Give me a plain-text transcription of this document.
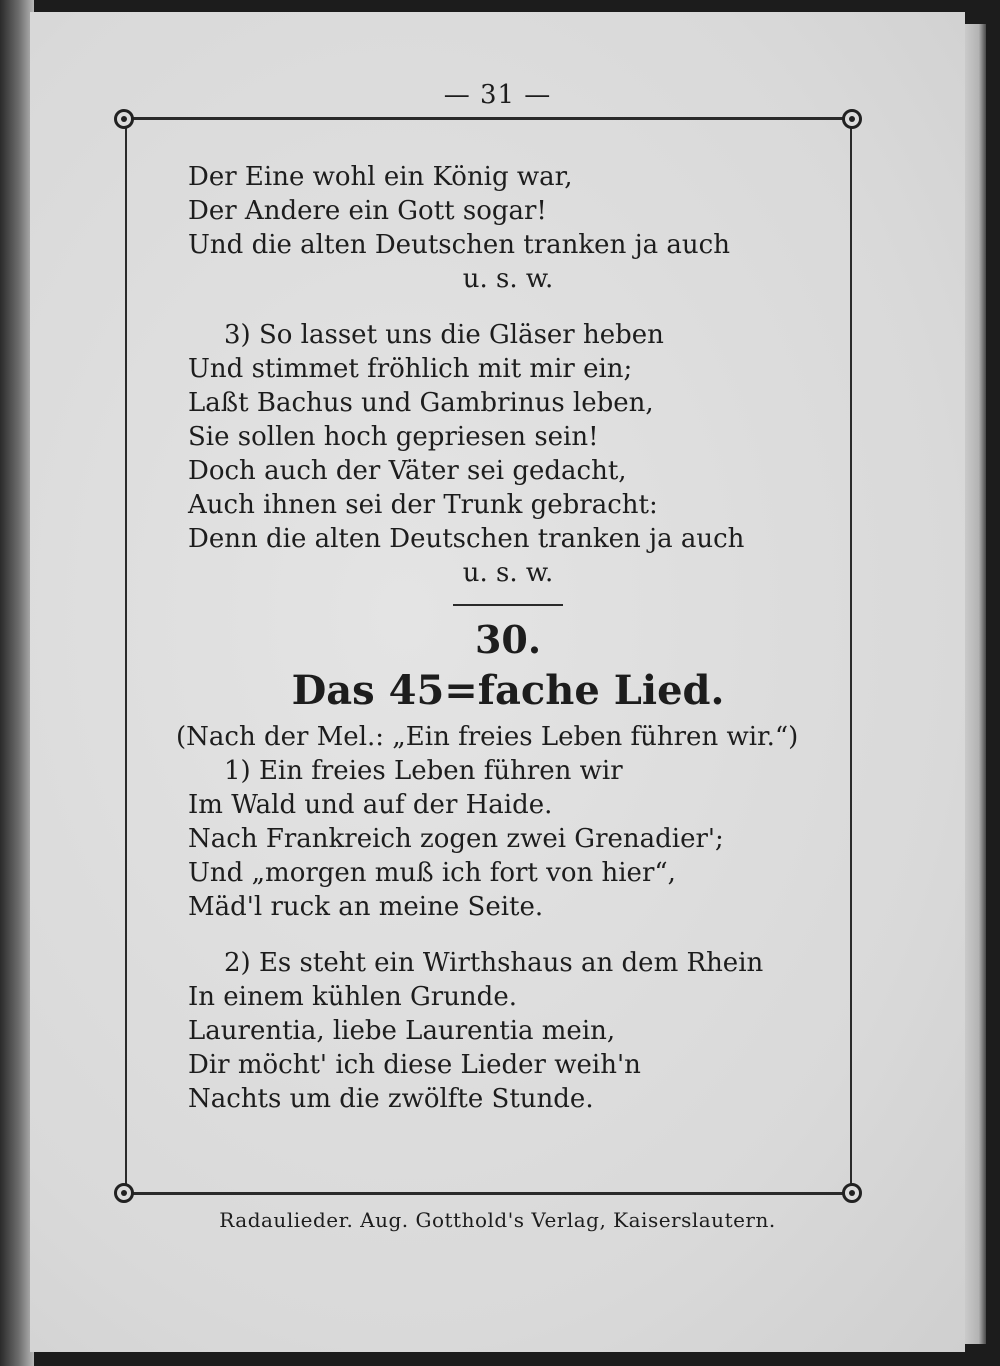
— 31 —
Der Eine wohl ein König war,
Der Andere ein Gott sogar!
Und die alten Deutschen tranken ja auch
u. s. w.
3) So lasset uns die Gläser heben
Und stimmet fröhlich mit mir ein;
Laßt Bachus und Gambrinus leben,
Sie sollen hoch gepriesen sein!
Doch auch der Väter sei gedacht,
Auch ihnen sei der Trunk gebracht:
Denn die alten Deutschen tranken ja auch
u. s. w.
30.
Das 45=fache Lied.
(Nach der Mel.: „Ein freies Leben führen wir.“)
1) Ein freies Leben führen wir
Im Wald und auf der Haide.
Nach Frankreich zogen zwei Grenadier';
Und „morgen muß ich fort von hier“,
Mäd'l ruck an meine Seite.
2) Es steht ein Wirthshaus an dem Rhein
In einem kühlen Grunde.
Laurentia, liebe Laurentia mein,
Dir möcht' ich diese Lieder weih'n
Nachts um die zwölfte Stunde.
Radaulieder. Aug. Gotthold's Verlag, Kaiserslautern.
